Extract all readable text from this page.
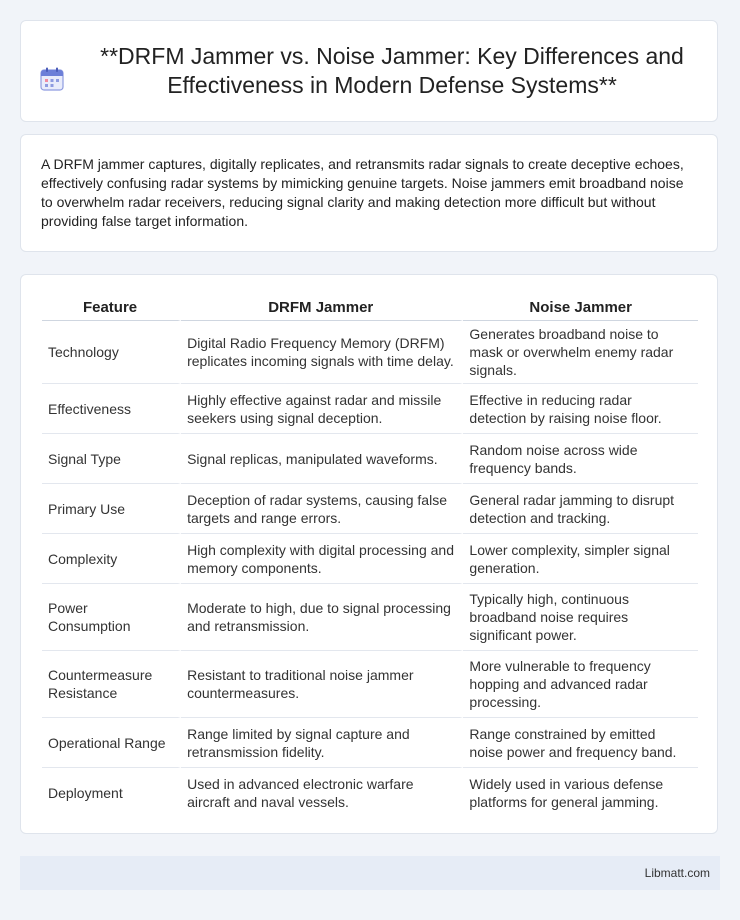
**DRFM Jammer vs. Noise Jammer: Key Differences and Effectiveness in Modern Defense Systems**

A DRFM jammer captures, digitally replicates, and retransmits radar signals to create deceptive echoes, effectively confusing radar systems by mimicking genuine targets. Noise jammers emit broadband noise to overwhelm radar receivers, reducing signal clarity and making detection more difficult but without providing false target information.

Feature	DRFM Jammer	Noise Jammer
Technology	Digital Radio Frequency Memory (DRFM) replicates incoming signals with time delay.	Generates broadband noise to mask or overwhelm enemy radar signals.
Effectiveness	Highly effective against radar and missile seekers using signal deception.	Effective in reducing radar detection by raising noise floor.
Signal Type	Signal replicas, manipulated waveforms.	Random noise across wide frequency bands.
Primary Use	Deception of radar systems, causing false targets and range errors.	General radar jamming to disrupt detection and tracking.
Complexity	High complexity with digital processing and memory components.	Lower complexity, simpler signal generation.
Power Consumption	Moderate to high, due to signal processing and retransmission.	Typically high, continuous broadband noise requires significant power.
Countermeasure Resistance	Resistant to traditional noise jammer countermeasures.	More vulnerable to frequency hopping and advanced radar processing.
Operational Range	Range limited by signal capture and retransmission fidelity.	Range constrained by emitted noise power and frequency band.
Deployment	Used in advanced electronic warfare aircraft and naval vessels.	Widely used in various defense platforms for general jamming.
Libmatt.com
